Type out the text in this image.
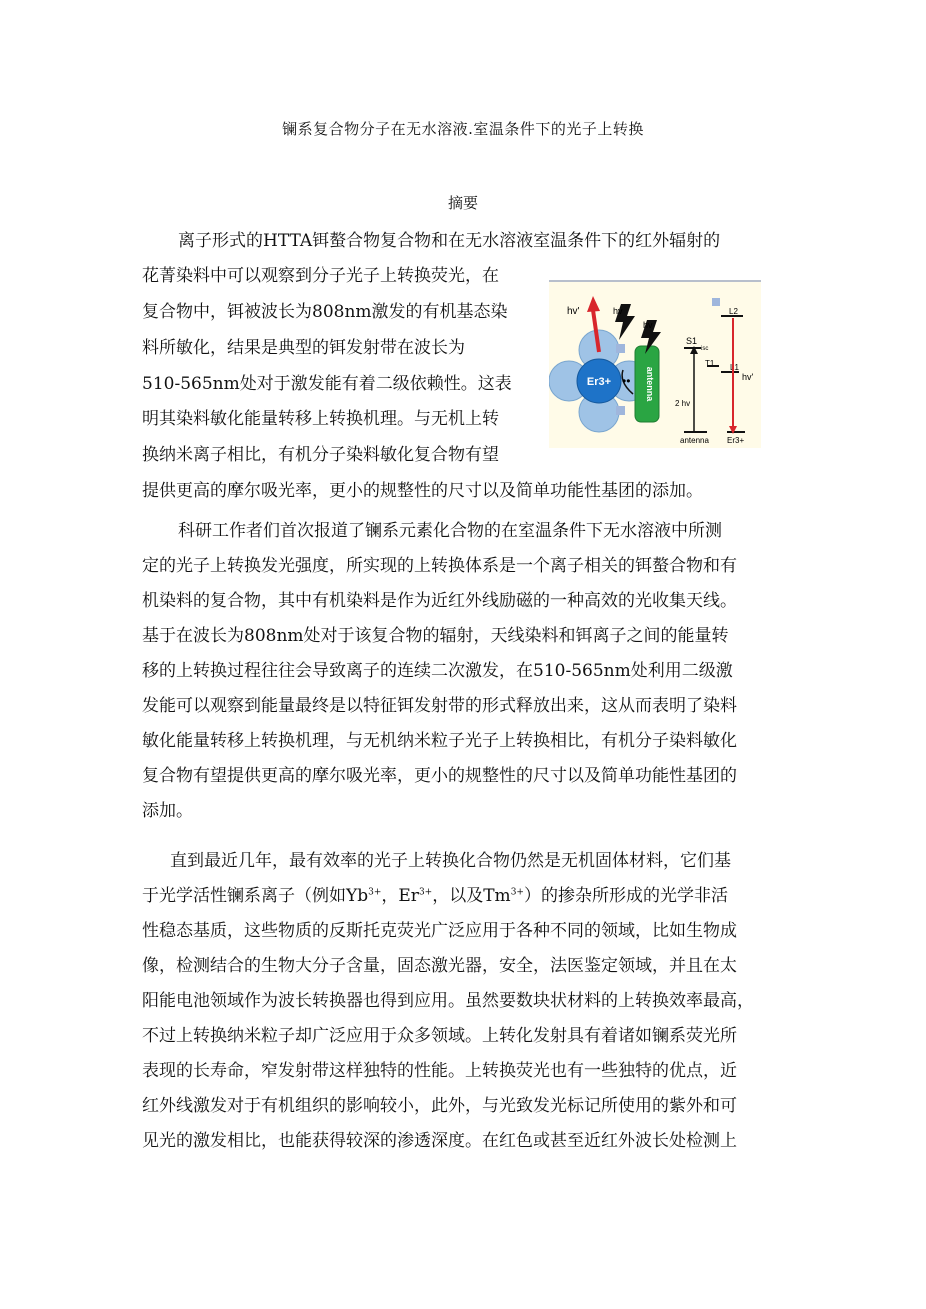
镧系复合物分子在无水溶液.室温条件下的光子上转换
摘要
离子形式的HTTA铒螯合物复合物和在无水溶液室温条件下的红外辐射的
花菁染料中可以观察到分子光子上转换荧光，在
复合物中，铒被波长为808nm激发的有机基态染
料所敏化，结果是典型的铒发射带在波长为
510-565nm处对于激发能有着二级依赖性。这表
明其染料敏化能量转移上转换机理。与无机上转
换纳米离子相比，有机分子染料敏化复合物有望
提供更高的摩尔吸光率，更小的规整性的尺寸以及简单功能性基团的添加。
Er3+
hv'
antenna
hv
hv
••
S1
T1
isc
L1
L2
2 hv
hv'
antenna Er3+
科研工作者们首次报道了镧系元素化合物的在室温条件下无水溶液中所测
定的光子上转换发光强度，所实现的上转换体系是一个离子相关的铒螯合物和有
机染料的复合物，其中有机染料是作为近红外线励磁的一种高效的光收集天线。
基于在波长为808nm处对于该复合物的辐射，天线染料和铒离子之间的能量转
移的上转换过程往往会导致离子的连续二次激发，在510-565nm处利用二级激
发能可以观察到能量最终是以特征铒发射带的形式释放出来，这从而表明了染料
敏化能量转移上转换机理，与无机纳米粒子光子上转换相比，有机分子染料敏化
复合物有望提供更高的摩尔吸光率，更小的规整性的尺寸以及简单功能性基团的
添加。
直到最近几年，最有效率的光子上转换化合物仍然是无机固体材料，它们基
于光学活性镧系离子（例如$Yb^{3+}$，$Er^{3+}$，以及$Tm^{3+}$）的掺杂所形成的光学非活
性稳态基质，这些物质的反斯托克荧光广泛应用于各种不同的领域，比如生物成
像，检测结合的生物大分子含量，固态激光器，安全，法医鉴定领域，并且在太
阳能电池领域作为波长转换器也得到应用。虽然要数块状材料的上转换效率最高，
不过上转换纳米粒子却广泛应用于众多领域。上转化发射具有着诸如镧系荧光所
表现的长寿命，窄发射带这样独特的性能。上转换荧光也有一些独特的优点，近
红外线激发对于有机组织的影响较小，此外，与光致发光标记所使用的紫外和可
见光的激发相比，也能获得较深的渗透深度。在红色或甚至近红外波长处检测上
